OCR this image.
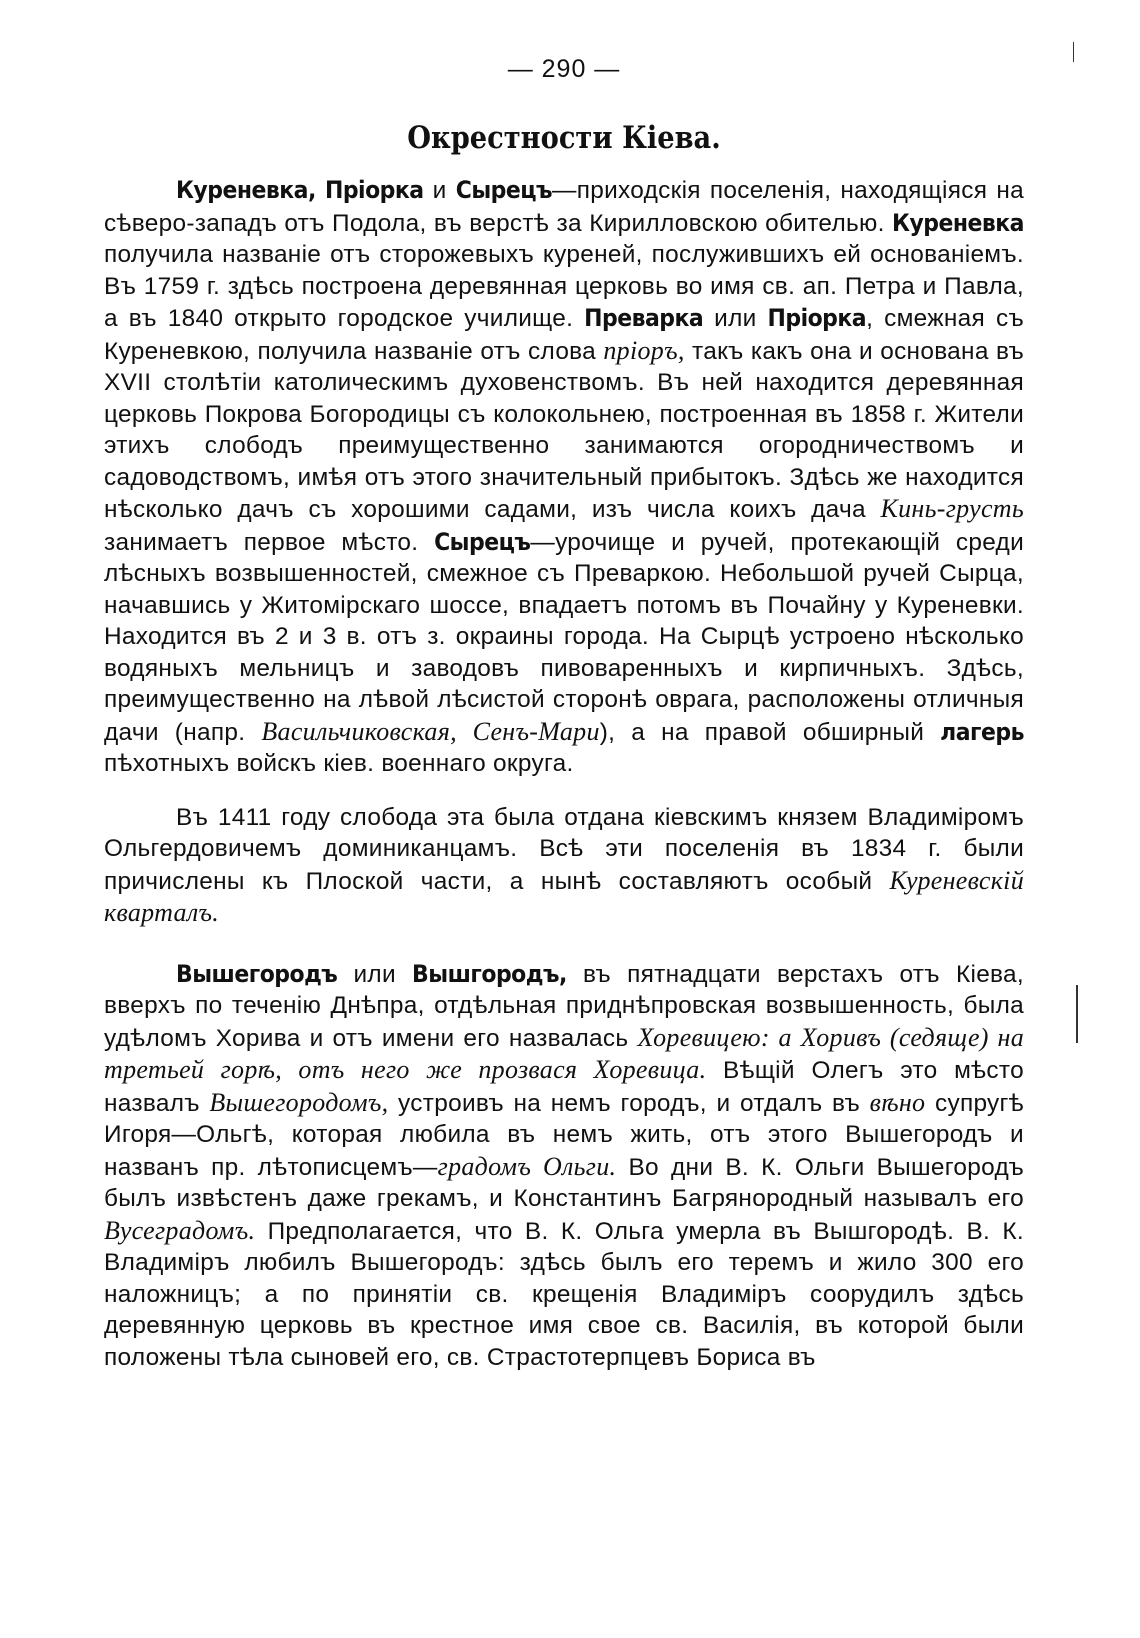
— 290 —
Окрестности Кіева.

Куреневка, Пріорка и Сырецъ—приходскія поселенія, находящіяся на сѣверо-западъ отъ Подола, въ верстѣ за Кирилловскою обителью. Куреневка получила названіе отъ сторожевыхъ куреней, послужившихъ ей основаніемъ. Въ 1759 г. здѣсь построена деревянная церковь во имя св. ап. Петра и Павла, а въ 1840 открыто городское училище. Преварка или Пріорка, смежная съ Куреневкою, получила названіе отъ слова пріоръ, такъ какъ она и основана въ XVII столѣтіи католическимъ духовенствомъ. Въ ней находится деревянная церковь Покрова Богородицы съ колокольнею, построенная въ 1858 г. Жители этихъ слободъ преимущественно занимаются огородничествомъ и садоводствомъ, имѣя отъ этого значительный прибытокъ. Здѣсь же находится нѣсколько дачъ съ хорошими садами, изъ числа коихъ дача Кинь-грусть занимаетъ первое мѣсто. Сырецъ—урочище и ручей, протекающій среди лѣсныхъ возвышенностей, смежное съ Преваркою. Небольшой ручей Сырца, начавшись у Житомірскаго шоссе, впадаетъ потомъ въ Почайну у Куреневки. Находится въ 2 и 3 в. отъ з. окраины города. На Сырцѣ устроено нѣсколько водяныхъ мельницъ и заводовъ пивоваренныхъ и кирпичныхъ. Здѣсь, преимущественно на лѣвой лѣсистой сторонѣ оврага, расположены отличныя дачи (напр. Васильчиковская, Сенъ-Мари), а на правой обширный лагерь пѣхотныхъ войскъ кіев. военнаго округа.

Въ 1411 году слобода эта была отдана кіевскимъ князем Владиміромъ Ольгердовичемъ доминиканцамъ. Всѣ эти поселенія въ 1834 г. были причислены къ Плоской части, а нынѣ составляютъ особый Куреневскій кварталъ.

Вышегородъ или Вышгородъ, въ пятнадцати верстахъ отъ Кіева, вверхъ по теченію Днѣпра, отдѣльная приднѣпровская возвышенность, была удѣломъ Хорива и отъ имени его назвалась Хоревицею: а Хоривъ (седяще) на третьей горѣ, отъ него же прозвася Хоревица. Вѣщій Олегъ это мѣсто назвалъ Вышегородомъ, устроивъ на немъ городъ, и отдалъ въ вѣно супругѣ Игоря—Ольгѣ, которая любила въ немъ жить, отъ этого Вышегородъ и названъ пр. лѣтописцемъ—градомъ Ольги. Во дни В. К. Ольги Вышегородъ былъ извѣстенъ даже грекамъ, и Константинъ Багрянородный называлъ его Вусеградомъ. Предполагается, что В. К. Ольга умерла въ Вышгородѣ. В. К. Владиміръ любилъ Вышегородъ: здѣсь былъ его теремъ и жило 300 его наложницъ; а по принятіи св. крещенія Владиміръ соорудилъ здѣсь деревянную церковь въ крестное имя свое св. Василія, въ которой были положены тѣла сыновей его, св. Страстотерпцевъ Бориса въ
